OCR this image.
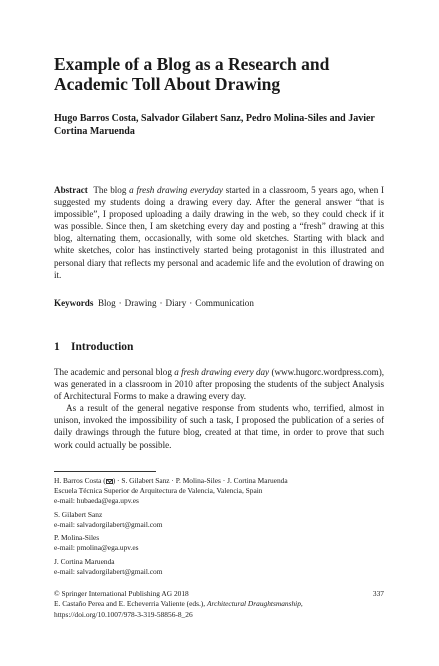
Example of a Blog as a Research and Academic Toll About Drawing
Hugo Barros Costa, Salvador Gilabert Sanz, Pedro Molina-Siles and Javier Cortina Maruenda
Abstract The blog a fresh drawing everyday started in a classroom, 5 years ago, when I suggested my students doing a drawing every day. After the general answer “that is impossible”, I proposed uploading a daily drawing in the web, so they could check if it was possible. Since then, I am sketching every day and posting a “fresh” drawing at this blog, alternating them, occasionally, with some old sketches. Starting with black and white sketches, color has instinctively started being protagonist in this illustrated and personal diary that reflects my personal and academic life and the evolution of drawing on it.
Keywords Blog · Drawing · Diary · Communication
1 Introduction

The academic and personal blog a fresh drawing every day (www.hugorc.wordpress.com), was generated in a classroom in 2010 after proposing the students of the subject Analysis of Architectural Forms to make a drawing every day.

As a result of the general negative response from students who, terrified, almost in unison, invoked the impossibility of such a task, I proposed the publication of a series of daily drawings through the future blog, created at that time, in order to prove that such work could actually be possible.

H. Barros Costa ( ) · S. Gilabert Sanz · P. Molina-Siles · J. Cortina Maruenda
Escuela Técnica Superior de Arquitectura de Valencia, Valencia, Spain
e-mail: hubaeda@ega.upv.es
S. Gilabert Sanz
e-mail: salvadorgilabert@gmail.com
P. Molina-Siles
e-mail: pmolina@ega.upv.es
J. Cortina Maruenda
e-mail: salvadorgilabert@gmail.com
© Springer International Publishing AG 2018
E. Castaño Perea and E. Echeverria Valiente (eds.), Architectural Draughtsmanship,
https://doi.org/10.1007/978-3-319-58856-8_26
337
